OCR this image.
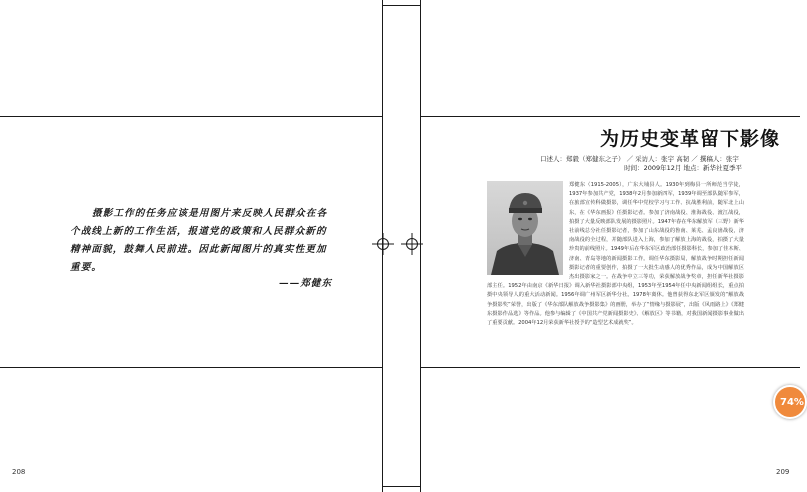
摄影工作的任务应该是用图片来反映人民群众在各个战线上新的工作生活，报道党的政策和人民群众新的精神面貌，鼓舞人民前进。因此新闻图片的真实性更加重要。

——郑健东
208
为历史变革留下影像
口述人：郑毅（郑健东之子） ／ 采访人：张宇 高韧 ／ 撰稿人：张宇
时间：2009年12月 地点：新华社夏季平

郑健东（1915-2005），广东大埔县人。1930年到梅县一所师范当学徒，1937年参加共产党，1938年2月参加新四军，1939年调至部队随军参军，在旅部宣传科做摄影，调任华中党校学习与工作、抗战胜利前，随军北上山东，在《华东画报》任摄影记者。参加了济南战役、淮海战役、渡江战役，拍摄了大量反映部队发展的摄影照片。1947年春在华东解放军（三野）新华社前线总分社任摄影记者，参加了山东战役的鲁南、莱芜、孟良崮战役，济南战役的全过程，并随部队进入上海，参加了解放上海的战役，拍摄了大量珍贵的前线照片。1949年后在华东军区政治部任摄影科长，参加了佳木斯、济南、青岛等地的新闻摄影工作。调任华东摄影局，解放战争时期担任新闻摄影记者的重要创作，拍摄了一大批生动感人的优秀作品，成为中国解放区杰出摄影家之一。在战争中立三等功，荣获解放战争奖章，担任新华社摄影部主任。1952年由南京《新华日报》调入新华社摄影部中央组，1953年至1954年任中央新闻组组长，重点拍摄中央领导人的重大活动新闻。1956年调广州军区新华分社。1978年离休。他曾获得东北军区颁发的“解放战争摄影奖”荣誉，出版了《华东部队解放战争摄影集》的画册，举办了“情缘与摄影展”，出版《风雨路上》《郑健东摄影作品选》等作品。他参与编辑了《中国共产党新闻摄影史》、《解放区》等书籍，对我国新闻摄影事业做出了重要贡献。2004年12月荣获新华社授予的“造型艺术成就奖”。

209
74%
